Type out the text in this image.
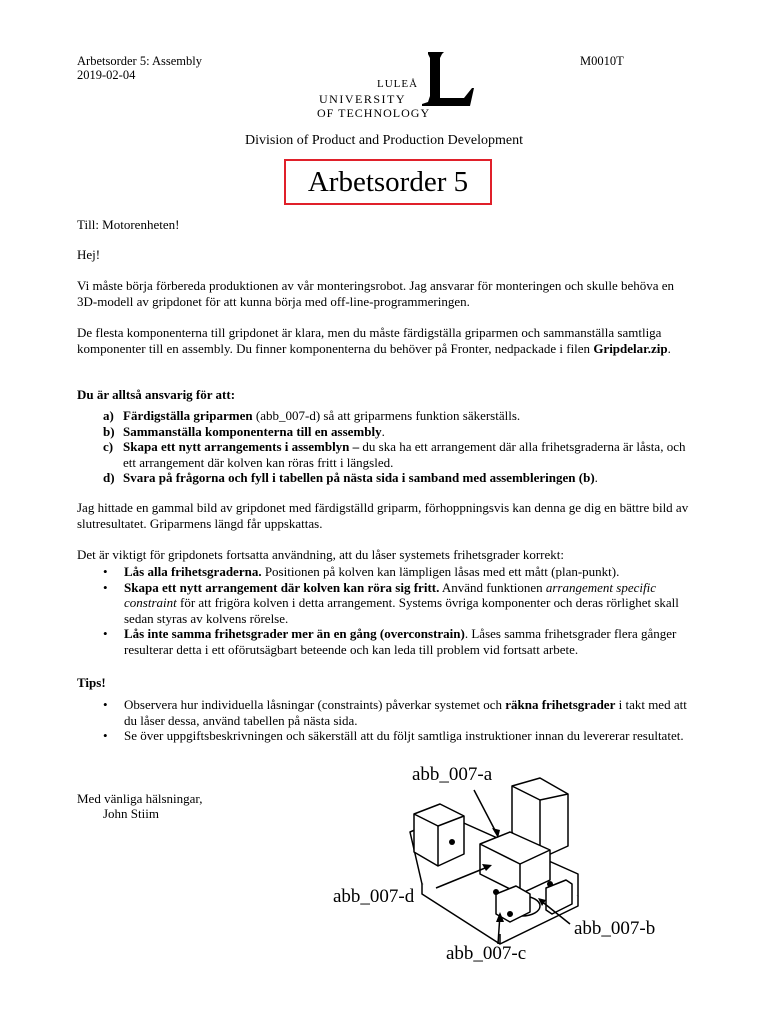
Arbetsorder 5: Assembly
2019-02-04
M0010T
LULEÅ
UNIVERSITY
OF TECHNOLOGY
Division of Product and Production Development
Arbetsorder 5
Till: Motorenheten!
Hej!
Vi måste börja förbereda produktionen av vår monteringsrobot. Jag ansvarar för monteringen och skulle behöva en 3D-modell av gripdonet för att kunna börja med off-line-programmeringen.
De flesta komponenterna till gripdonet är klara, men du måste färdigställa griparmen och sammanställa samtliga komponenter till en assembly. Du finner komponenterna du behöver på Fronter, nedpackade i filen Gripdelar.zip.
Du är alltså ansvarig för att:
a) Färdigställa griparmen (abb_007-d) så att griparmens funktion säkerställs.
b) Sammanställa komponenterna till en assembly.
c) Skapa ett nytt arrangements i assemblyn – du ska ha ett arrangement där alla frihetsgraderna är låsta, och ett arrangement där kolven kan röras fritt i längsled.
d) Svara på frågorna och fyll i tabellen på nästa sida i samband med assembleringen (b).
Jag hittade en gammal bild av gripdonet med färdigställd griparm, förhoppningsvis kan denna ge dig en bättre bild av slutresultatet. Griparmens längd får uppskattas.
Det är viktigt för gripdonets fortsatta användning, att du låser systemets frihetsgrader korrekt:
• Lås alla frihetsgraderna. Positionen på kolven kan lämpligen låsas med ett mått (plan-punkt).
• Skapa ett nytt arrangement där kolven kan röra sig fritt. Använd funktionen arrangement specific constraint för att frigöra kolven i detta arrangement. Systems övriga komponenter och deras rörlighet skall sedan styras av kolvens rörelse.
• Lås inte samma frihetsgrader mer än en gång (overconstrain). Låses samma frihetsgrader flera gånger resulterar detta i ett oförutsägbart beteende och kan leda till problem vid fortsatt arbete.
Tips!
• Observera hur individuella låsningar (constraints) påverkar systemet och räkna frihetsgrader i takt med att du låser dessa, använd tabellen på nästa sida.
• Se över uppgiftsbeskrivningen och säkerställ att du följt samtliga instruktioner innan du levererar resultatet.
Med vänliga hälsningar,
John Stiim
abb_007-a
abb_007-d
abb_007-b
abb_007-c
